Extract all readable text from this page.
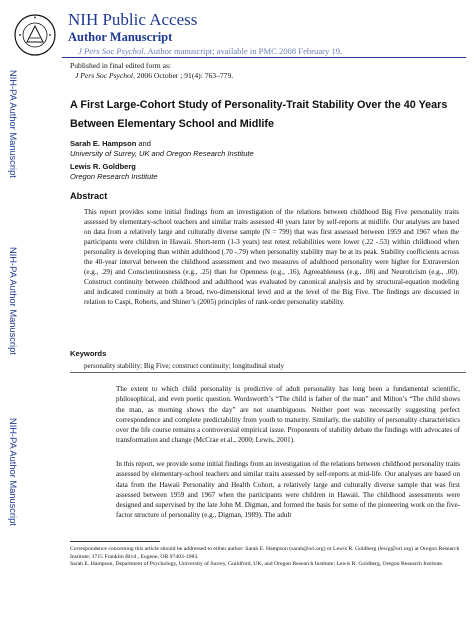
NIH Public Access
Author Manuscript
J Pers Soc Psychol. Author manuscript; available in PMC 2008 February 19.
Published in final edited form as:
J Pers Soc Psychol. 2006 October ; 91(4): 763–779.
NIH-PA Author Manuscript
NIH-PA Author Manuscript
NIH-PA Author Manuscript
A First Large-Cohort Study of Personality-Trait Stability Over the 40 Years Between Elementary School and Midlife
Sarah E. Hampson and
University of Surrey, UK and Oregon Research Institute
Lewis R. Goldberg
Oregon Research Institute
Abstract
This report provides some initial findings from an investigation of the relations between childhood Big Five personality traits assessed by elementary-school teachers and similar traits assessed 40 years later by self-reports at midlife. Our analyses are based on data from a relatively large and culturally diverse sample (N = 799) that was first assessed between 1959 and 1967 when the participants were children in Hawaii. Short-term (1-3 years) test retest reliabilities were lower (.22 -.53) within childhood when personality is developing than within adulthood (.70 -.79) when personality stability may be at its peak. Stability coefficients across the 40-year interval between the childhood assessment and two measures of adulthood personality were higher for Extraversion (e.g., .29) and Conscientiousness (e.g., .25) than for Openness (e.g., .16), Agreeableness (e.g., .08) and Neuroticism (e.g., .00). Construct continuity between childhood and adulthood was evaluated by canonical analysis and by structural-equation modeling and indicated continuity at both a broad, two-dimensional level and at the level of the Big Five. The findings are discussed in relation to Caspi, Roberts, and Shiner’s (2005) principles of rank-order personality stability.
Keywords
personality stability; Big Five; construct continuity; longitudinal study
The extent to which child personality is predictive of adult personality has long been a fundamental scientific, philosophical, and even poetic question. Wordsworth’s “The child is father of the man” and Milton’s “The child shows the man, as morning shows the day” are not unambiguous. Neither poet was necessarily suggesting perfect correspondence and complete predictability from youth to maturity. Similarly, the stability of personality characteristics over the life course remains a controversial empirical issue. Proponents of stability debate the findings with advocates of transformation and change (McCrae et al., 2000; Lewis, 2001).
In this report, we provide some initial findings from an investigation of the relations between childhood personality traits assessed by elementary-school teachers and similar traits assessed by self-reports at mid-life. Our analyses are based on data from the Hawaii Personality and Health Cohort, a relatively large and culturally diverse sample that was first assessed between 1959 and 1967 when the participants were children in Hawaii. The childhood assessments were designed and supervised by the late John M. Digman, and formed the basis for some of the pioneering work on the five-factor structure of personality (e.g., Digman, 1989). The adult
Correspondence concerning this article should be addressed to either author: Sarah E. Hampson (sarah@ori.org) or Lewis R. Goldberg (lewg@ori.org) at Oregon Research Institute; 1715 Franklin Blvd., Eugene, OR 97403-1983.
Sarah E. Hampson, Department of Psychology, University of Surrey, Guildford, UK, and Oregon Research Institute; Lewis R. Goldberg, Oregon Research Institute.
